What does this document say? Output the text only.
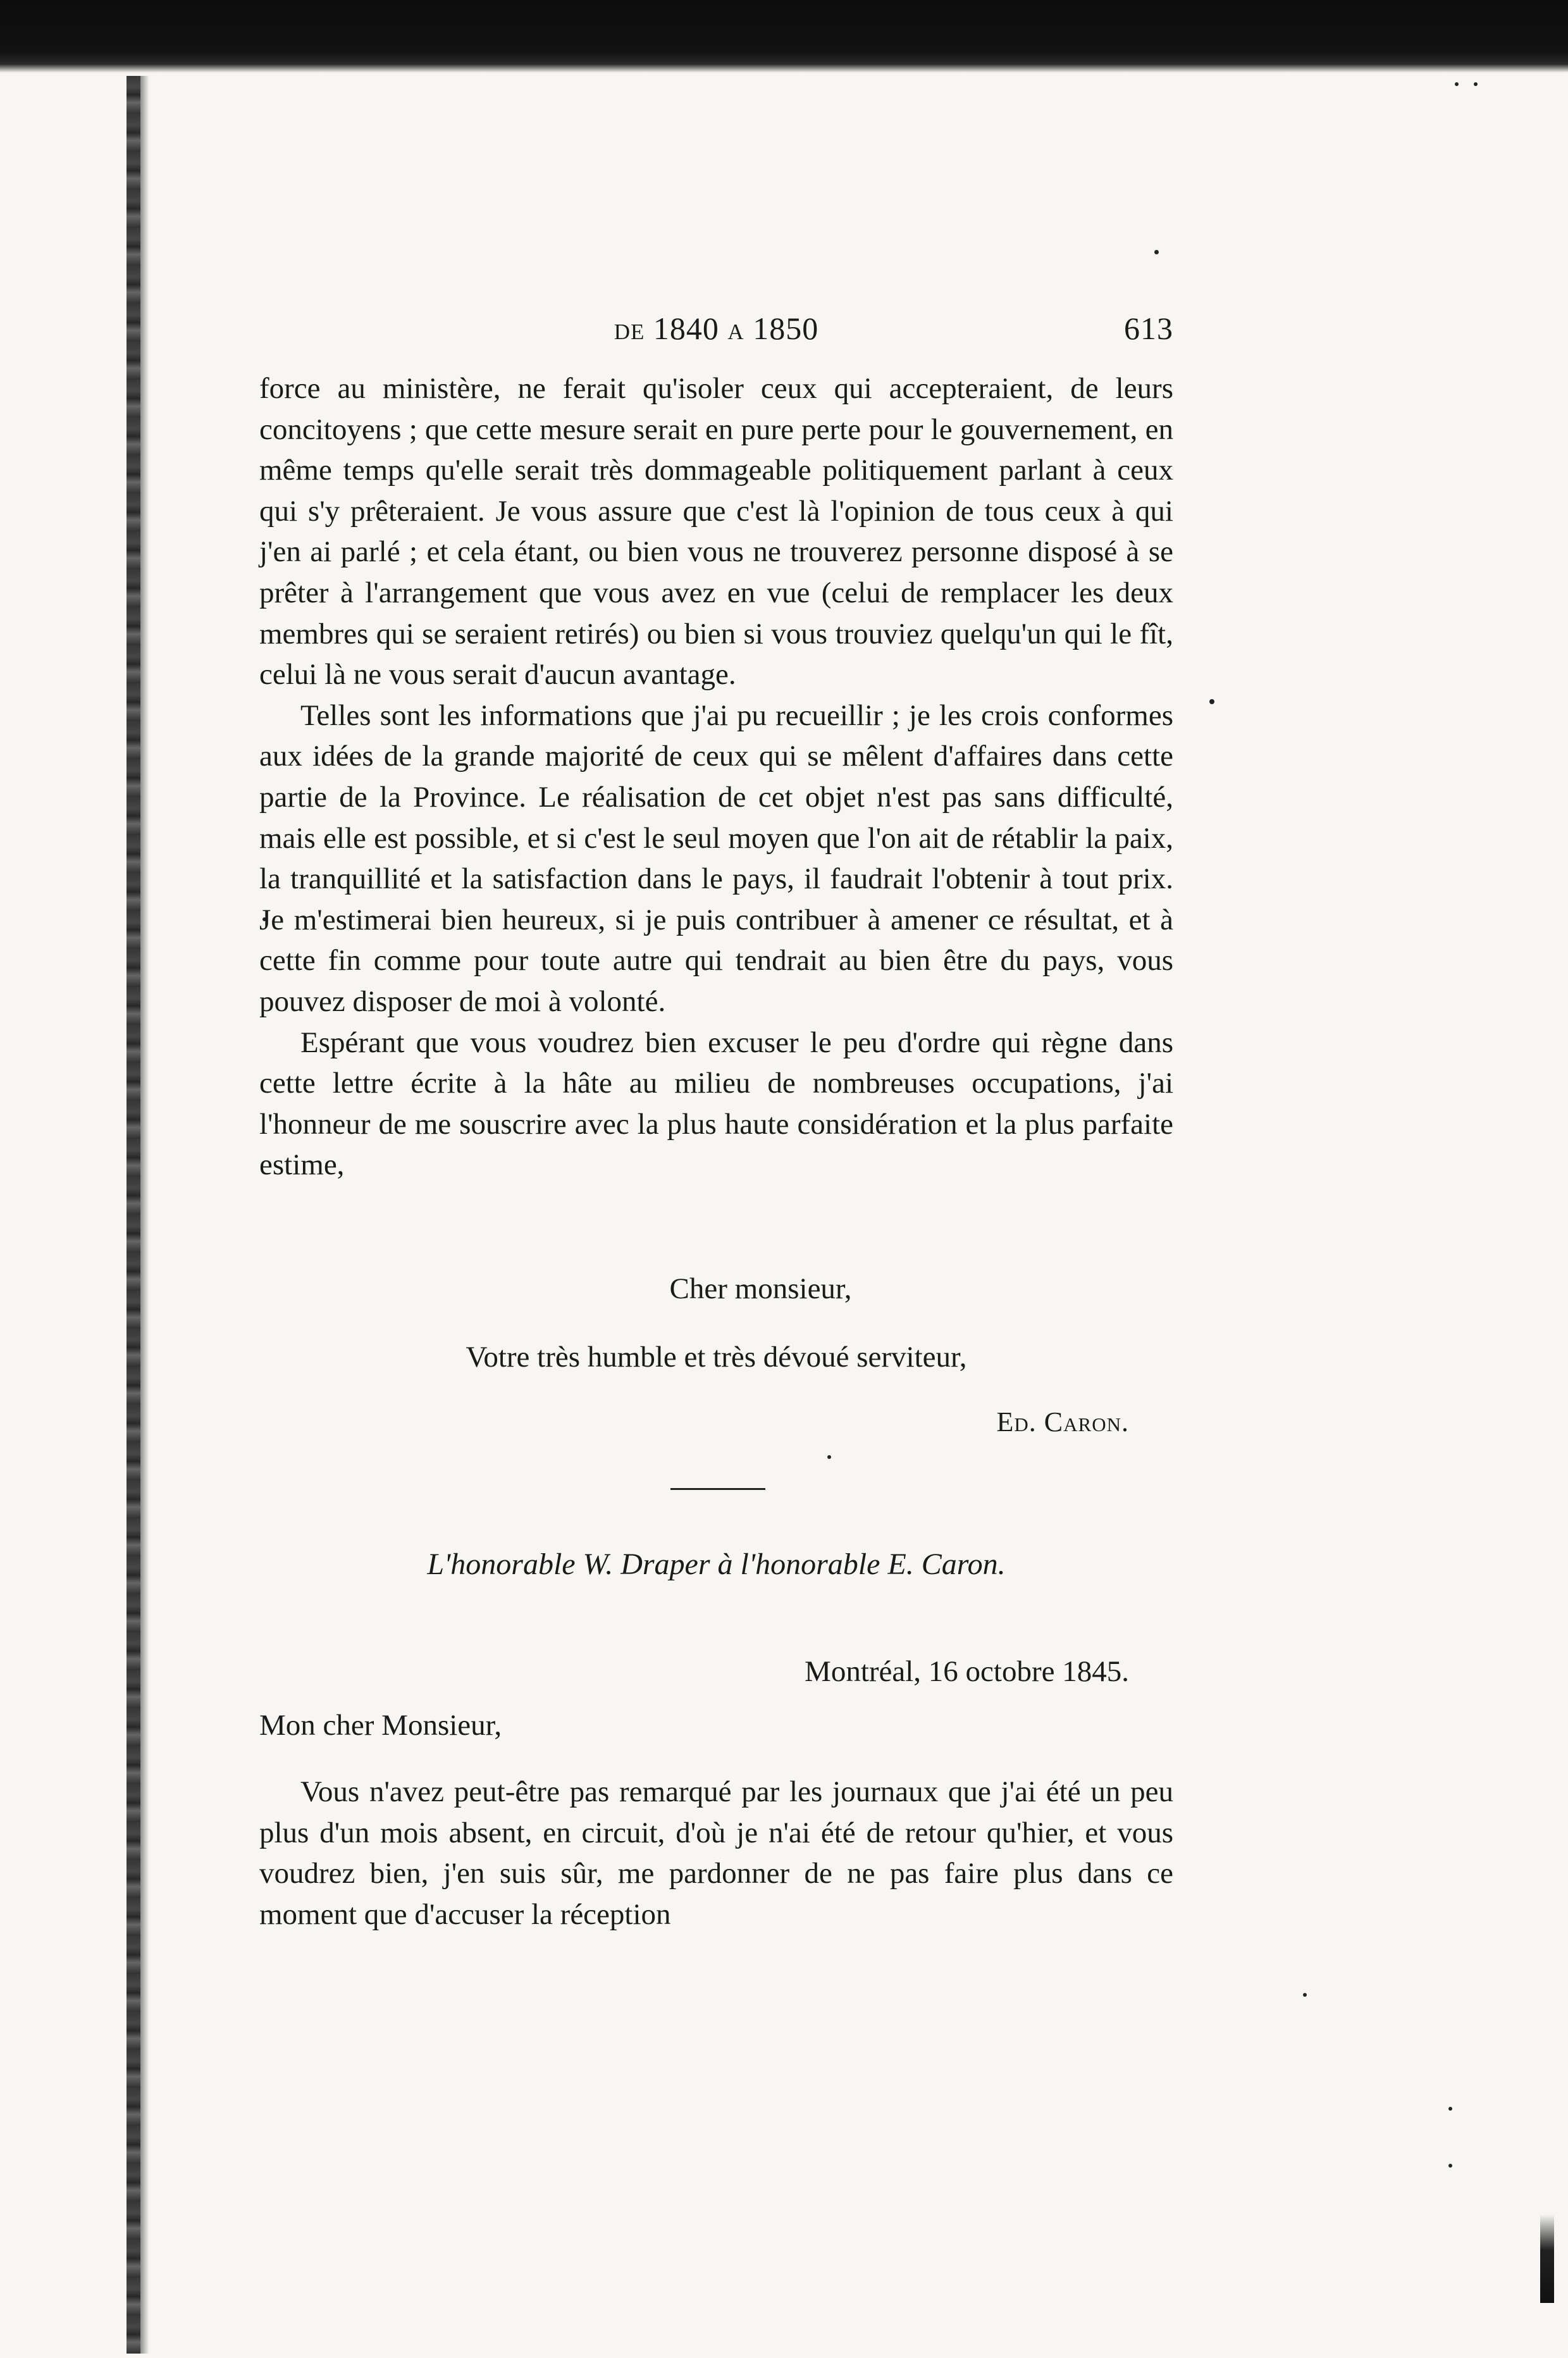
de 1840 a 1850	613

force au ministère, ne ferait qu'isoler ceux qui accepteraient, de leurs concitoyens ; que cette mesure serait en pure perte pour le gouvernement, en même temps qu'elle serait très dommageable politiquement parlant à ceux qui s'y prêteraient. Je vous assure que c'est là l'opinion de tous ceux à qui j'en ai parlé ; et cela étant, ou bien vous ne trouverez personne disposé à se prêter à l'arrangement que vous avez en vue (celui de remplacer les deux membres qui se seraient retirés) ou bien si vous trouviez quelqu'un qui le fît, celui là ne vous serait d'aucun avantage.

Telles sont les informations que j'ai pu recueillir ; je les crois conformes aux idées de la grande majorité de ceux qui se mêlent d'affaires dans cette partie de la Province. Le réalisation de cet objet n'est pas sans difficulté, mais elle est possible, et si c'est le seul moyen que l'on ait de rétablir la paix, la tranquillité et la satisfaction dans le pays, il faudrait l'obtenir à tout prix. Je m'estimerai bien heureux, si je puis contribuer à amener ce résultat, et à cette fin comme pour toute autre qui tendrait au bien être du pays, vous pouvez disposer de moi à volonté.

Espérant que vous voudrez bien excuser le peu d'ordre qui règne dans cette lettre écrite à la hâte au milieu de nombreuses occupations, j'ai l'honneur de me souscrire avec la plus haute considération et la plus parfaite estime,

Cher monsieur,
Votre très humble et très dévoué serviteur,
Ed. Caron.
L'honorable W. Draper à l'honorable E. Caron.
Montréal, 16 octobre 1845.
Mon cher Monsieur,

Vous n'avez peut-être pas remarqué par les journaux que j'ai été un peu plus d'un mois absent, en circuit, d'où je n'ai été de retour qu'hier, et vous voudrez bien, j'en suis sûr, me pardonner de ne pas faire plus dans ce moment que d'accuser la réception
